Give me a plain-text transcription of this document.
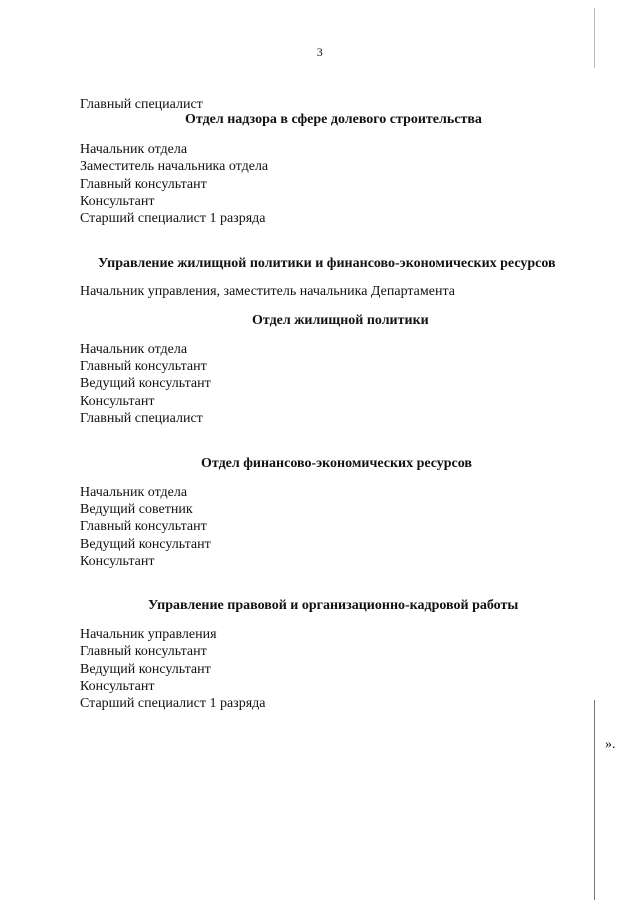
3
Главный специалист
Отдел надзора в сфере долевого строительства
Начальник отдела
Заместитель начальника отдела
Главный консультант
Консультант
Старший специалист 1 разряда
Управление жилищной политики и финансово-экономических ресурсов
Начальник управления, заместитель начальника Департамента
Отдел жилищной политики
Начальник отдела
Главный консультант
Ведущий консультант
Консультант
Главный специалист
Отдел финансово-экономических ресурсов
Начальник отдела
Ведущий советник
Главный консультант
Ведущий консультант
Консультант
Управление правовой и организационно-кадровой работы
Начальник управления
Главный консультант
Ведущий консультант
Консультант
Старший специалист 1 разряда
».
